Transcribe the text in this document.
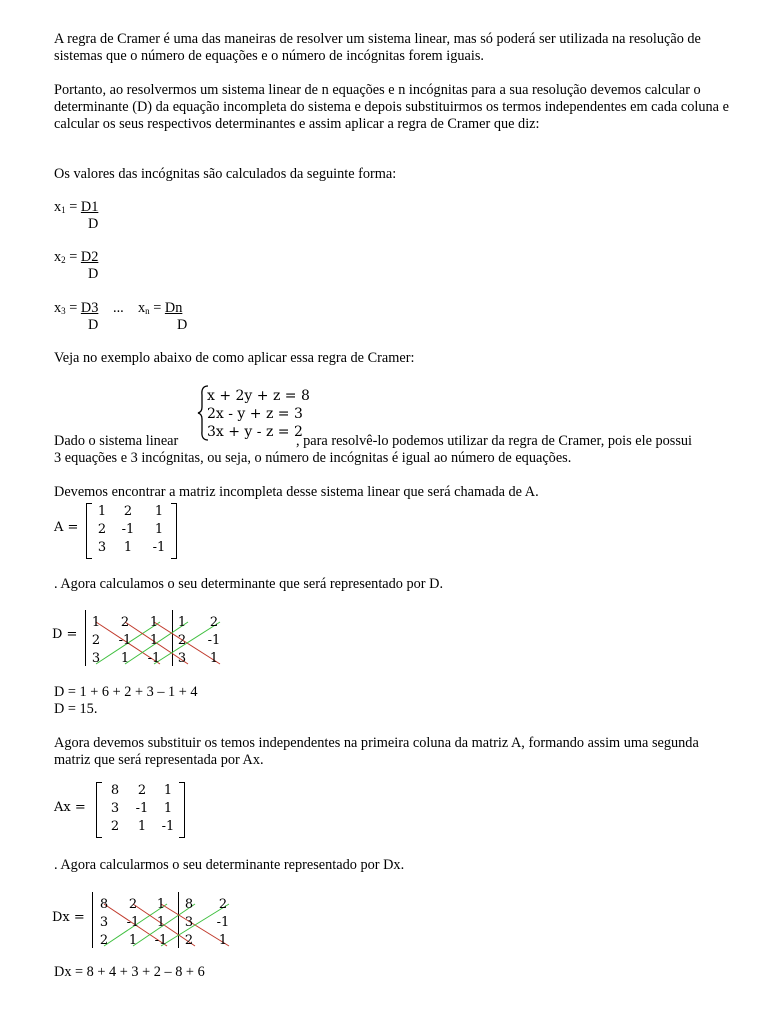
A regra de Cramer é uma das maneiras de resolver um sistema linear, mas só poderá ser utilizada na resolução de sistemas que o número de equações e o número de incógnitas forem iguais.

Portanto, ao resolvermos um sistema linear de n equações e n incógnitas para a sua resolução devemos calcular o determinante (D) da equação incompleta do sistema e depois substituirmos os termos independentes em cada coluna e calcular os seus respectivos determinantes e assim aplicar a regra de Cramer que diz:

Os valores das incógnitas são calculados da seguinte forma:

$x_1 = D1$
D
$x_2 = D2$
D
$x_3 = D3$
D
... $x_n = Dn$
D

Veja no exemplo abaixo de como aplicar essa regra de Cramer:

x + 2y + z = 8
2x - y + z = 3
3x + y - z = 2

Dado o sistema linear	, para resolvê-lo podemos utilizar da regra de Cramer, pois ele possui

3 equações e 3 incógnitas, ou seja, o número de incógnitas é igual ao número de equações.

Devemos encontrar a matriz incompleta desse sistema linear que será chamada de A.

A =
1	2	1
2	-1	1
3	1	-1

. Agora calculamos o seu determinante que será representado por D.

D =
1 2 1 1 2
2 -1 1 2 -1
3 1 -1 3 1

D = 1 + 6 + 2 + 3 – 1 + 4

D = 15.

Agora devemos substituir os temos independentes na primeira coluna da matriz A, formando assim uma segunda matriz que será representada por Ax.

Ax =
8	2	1
3	-1	1
2	1	-1

. Agora calcularmos o seu determinante representado por Dx.

Dx =
8 2 1 8 2
3 -1 1 3 -1
2 1 -1 2 1

Dx = 8 + 4 + 3 + 2 – 8 + 6
